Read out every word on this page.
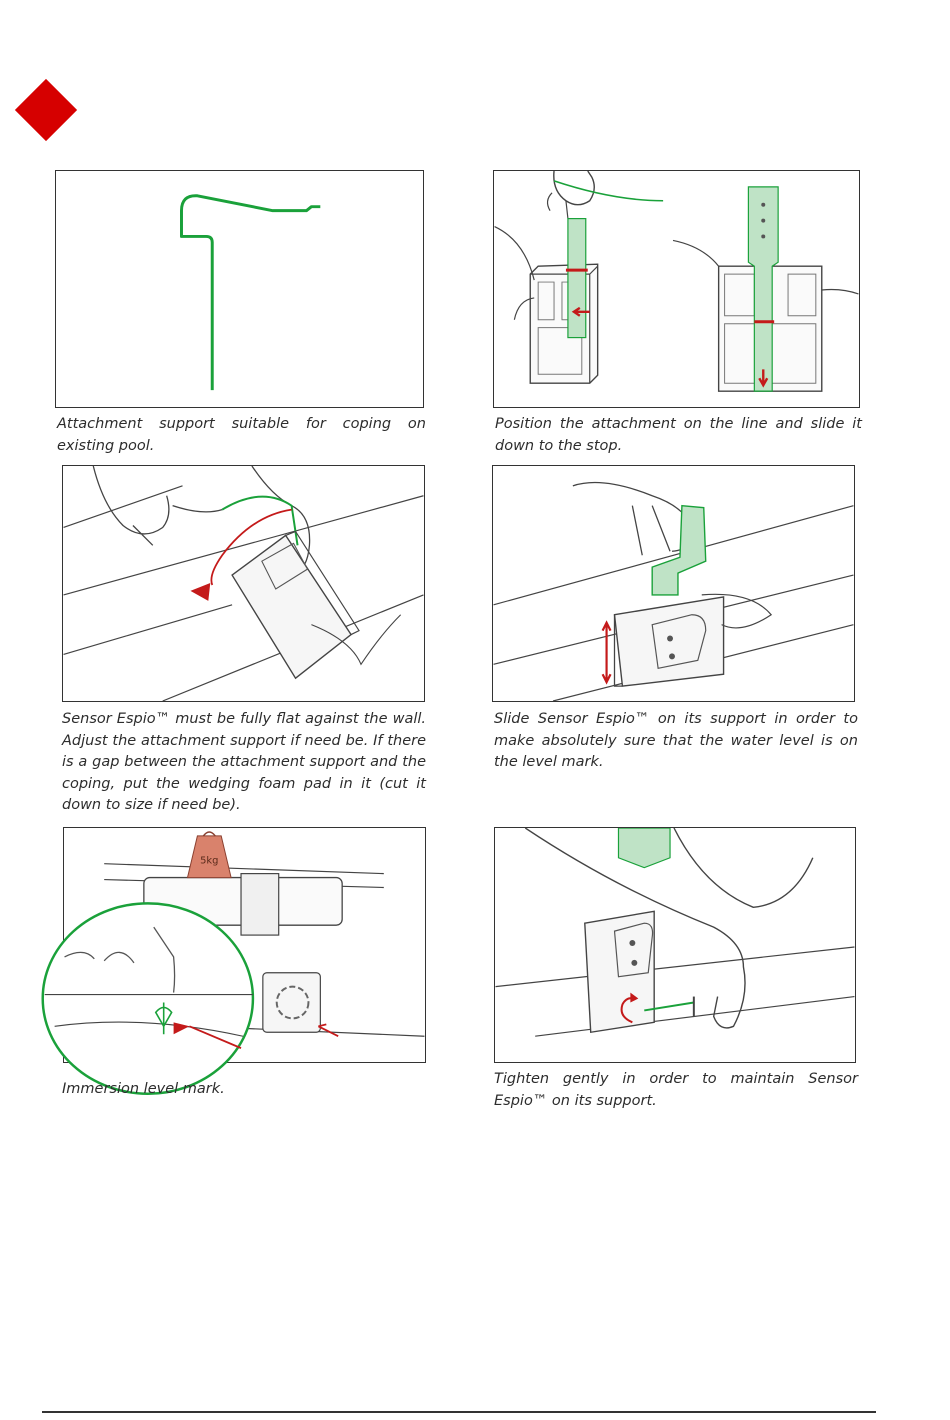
Attachment support suitable for coping on existing pool.
Position the attachment on the line and slide it down to the stop.
Sensor Espio™ must be fully flat against the wall. Adjust the attachment support if need be. If there is a gap between the attachment support and the coping, put the wedging foam pad in it (cut it down to size if need be).
Slide Sensor Espio™ on its support in order to make absolutely sure that the water level is on the level mark.
5kg
Immersion level mark.
Tighten gently in order to maintain Sensor Espio™ on its support.
